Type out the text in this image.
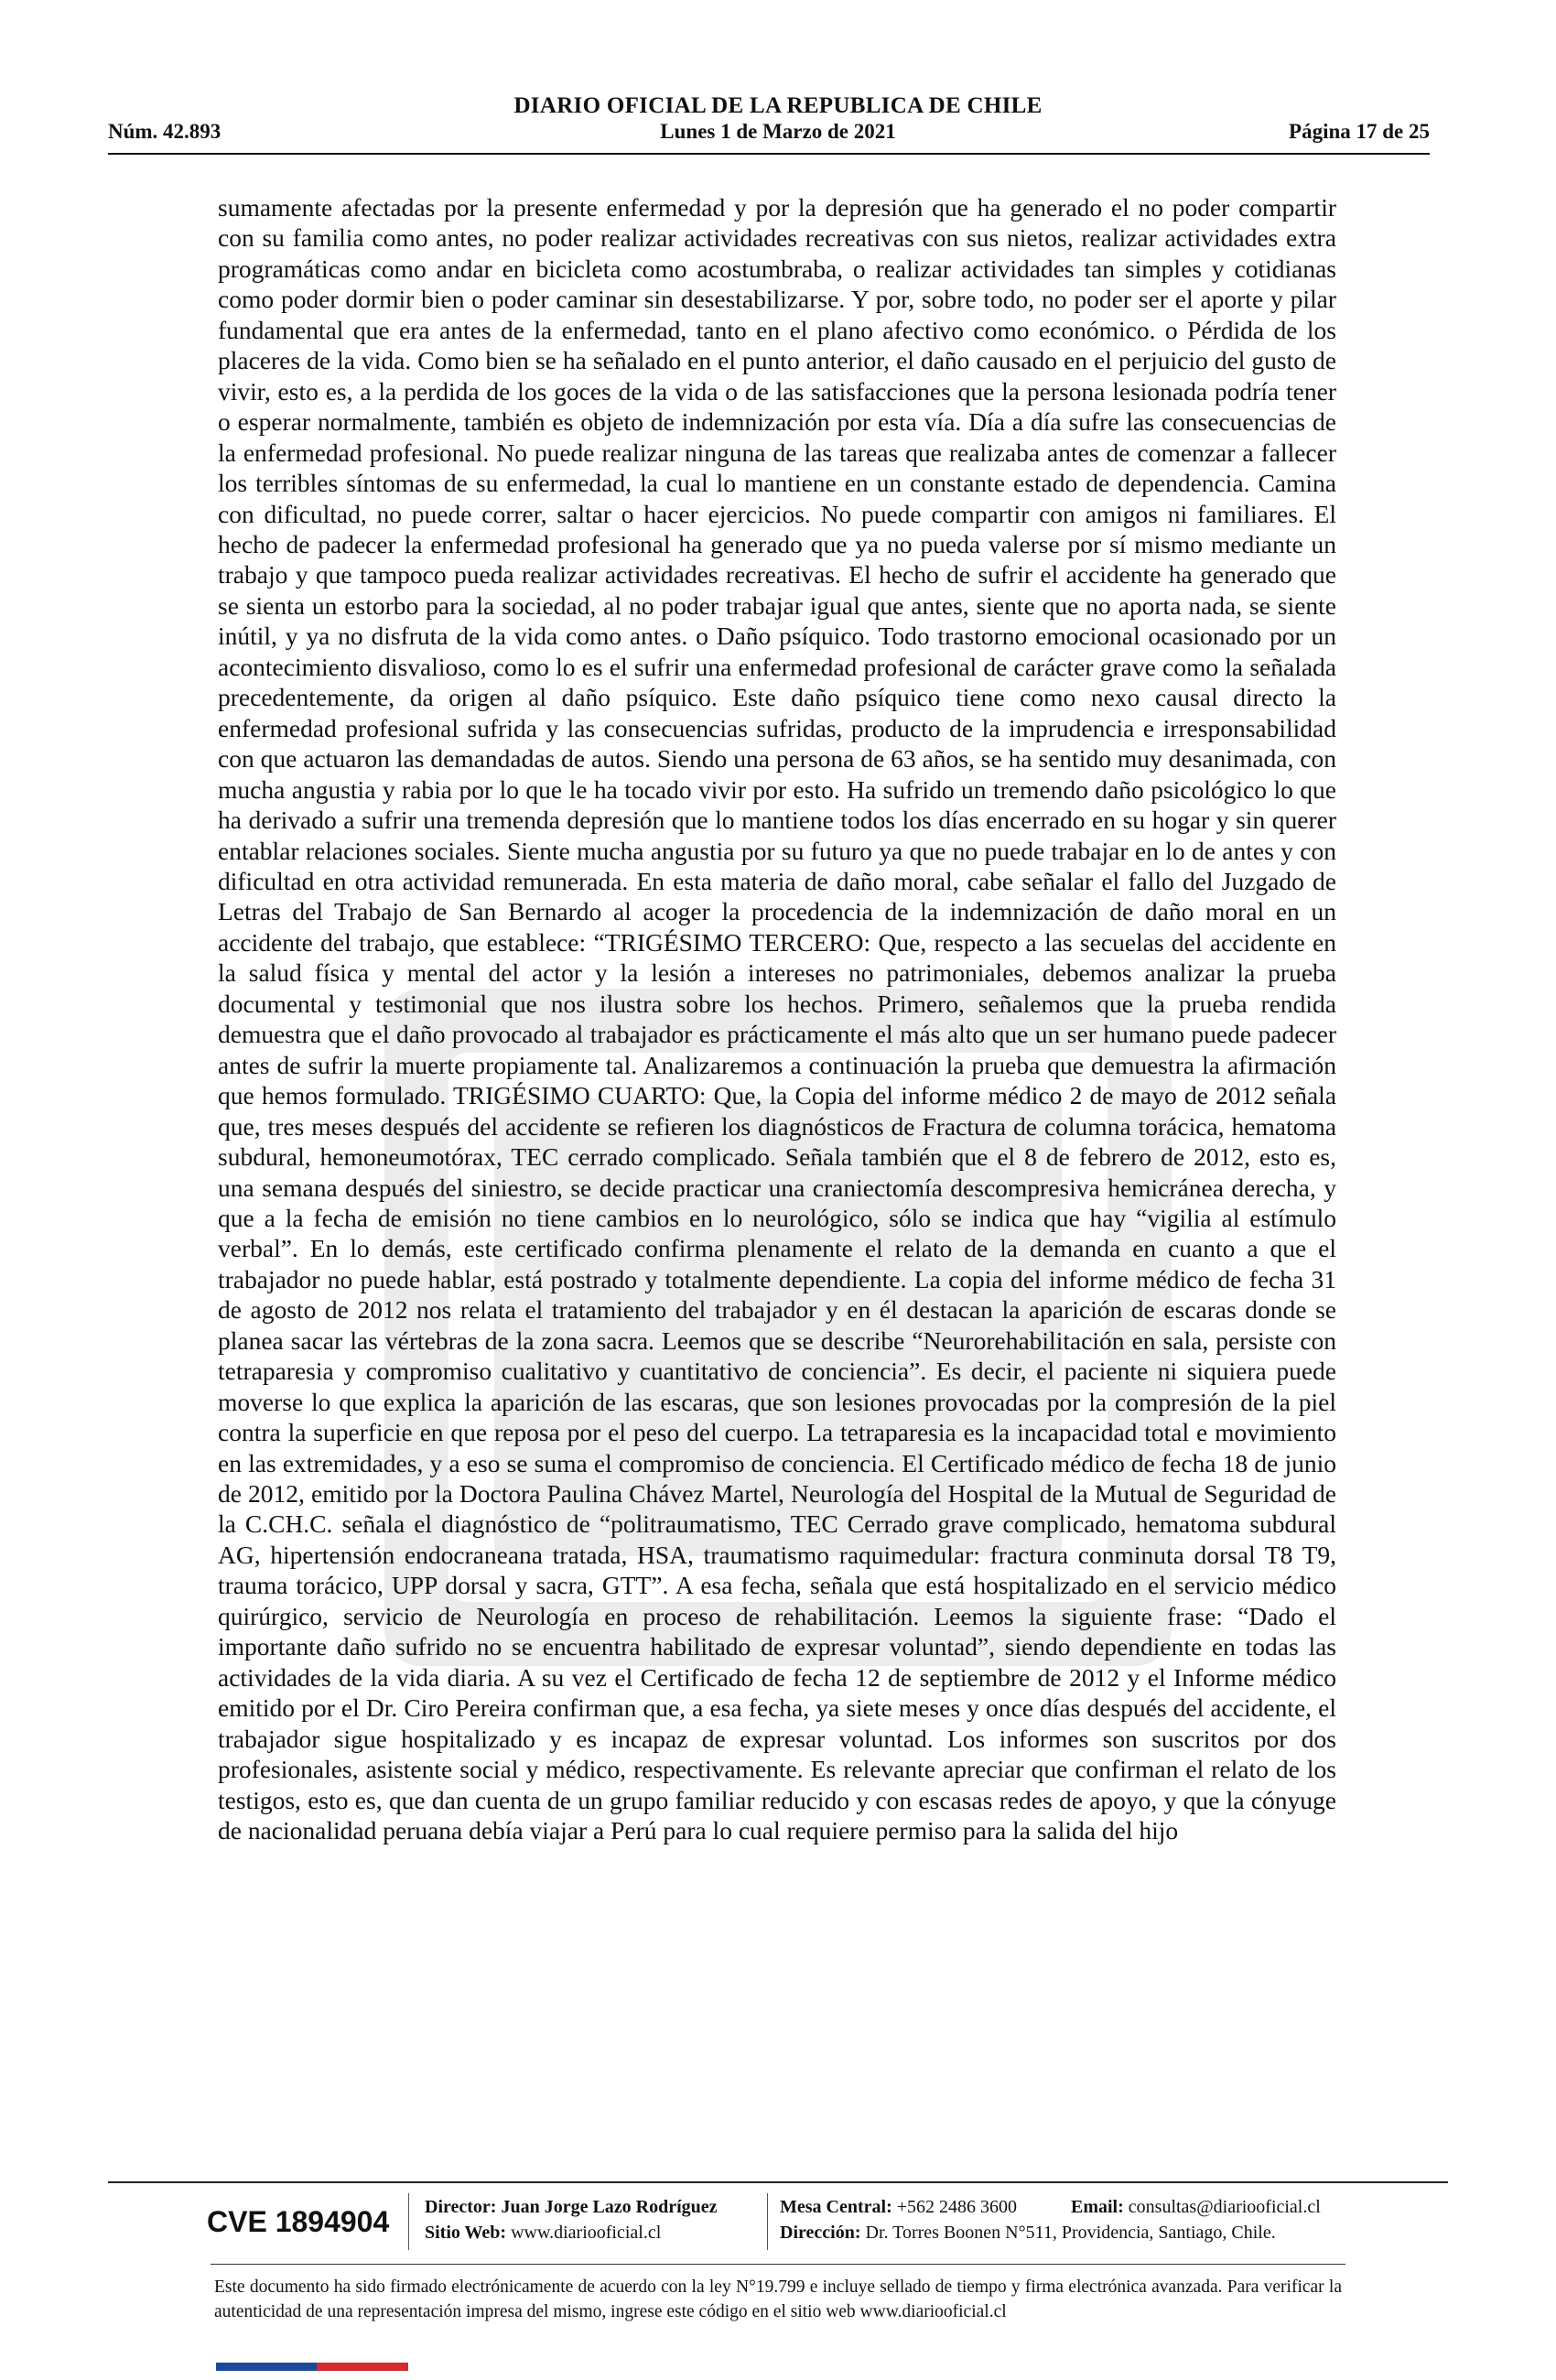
DIARIO OFICIAL DE LA REPUBLICA DE CHILE
Núm. 42.893	Lunes 1 de Marzo de 2021	Página 17 de 25

sumamente afectadas por la presente enfermedad y por la depresión que ha generado el no poder compartir con su familia como antes, no poder realizar actividades recreativas con sus nietos, realizar actividades extra programáticas como andar en bicicleta como acostumbraba, o realizar actividades tan simples y cotidianas como poder dormir bien o poder caminar sin desestabilizarse. Y por, sobre todo, no poder ser el aporte y pilar fundamental que era antes de la enfermedad, tanto en el plano afectivo como económico. o Pérdida de los placeres de la vida. Como bien se ha señalado en el punto anterior, el daño causado en el perjuicio del gusto de vivir, esto es, a la perdida de los goces de la vida o de las satisfacciones que la persona lesionada podría tener o esperar normalmente, también es objeto de indemnización por esta vía. Día a día sufre las consecuencias de la enfermedad profesional. No puede realizar ninguna de las tareas que realizaba antes de comenzar a fallecer los terribles síntomas de su enfermedad, la cual lo mantiene en un constante estado de dependencia. Camina con dificultad, no puede correr, saltar o hacer ejercicios. No puede compartir con amigos ni familiares. El hecho de padecer la enfermedad profesional ha generado que ya no pueda valerse por sí mismo mediante un trabajo y que tampoco pueda realizar actividades recreativas. El hecho de sufrir el accidente ha generado que se sienta un estorbo para la sociedad, al no poder trabajar igual que antes, siente que no aporta nada, se siente inútil, y ya no disfruta de la vida como antes. o Daño psíquico. Todo trastorno emocional ocasionado por un acontecimiento disvalioso, como lo es el sufrir una enfermedad profesional de carácter grave como la señalada precedentemente, da origen al daño psíquico. Este daño psíquico tiene como nexo causal directo la enfermedad profesional sufrida y las consecuencias sufridas, producto de la imprudencia e irresponsabilidad con que actuaron las demandadas de autos. Siendo una persona de 63 años, se ha sentido muy desanimada, con mucha angustia y rabia por lo que le ha tocado vivir por esto. Ha sufrido un tremendo daño psicológico lo que ha derivado a sufrir una tremenda depresión que lo mantiene todos los días encerrado en su hogar y sin querer entablar relaciones sociales. Siente mucha angustia por su futuro ya que no puede trabajar en lo de antes y con dificultad en otra actividad remunerada. En esta materia de daño moral, cabe señalar el fallo del Juzgado de Letras del Trabajo de San Bernardo al acoger la procedencia de la indemnización de daño moral en un accidente del trabajo, que establece: “TRIGÉSIMO TERCERO: Que, respecto a las secuelas del accidente en la salud física y mental del actor y la lesión a intereses no patrimoniales, debemos analizar la prueba documental y testimonial que nos ilustra sobre los hechos. Primero, señalemos que la prueba rendida demuestra que el daño provocado al trabajador es prácticamente el más alto que un ser humano puede padecer antes de sufrir la muerte propiamente tal. Analizaremos a continuación la prueba que demuestra la afirmación que hemos formulado. TRIGÉSIMO CUARTO: Que, la Copia del informe médico 2 de mayo de 2012 señala que, tres meses después del accidente se refieren los diagnósticos de Fractura de columna torácica, hematoma subdural, hemoneumotórax, TEC cerrado complicado. Señala también que el 8 de febrero de 2012, esto es, una semana después del siniestro, se decide practicar una craniectomía descompresiva hemicránea derecha, y que a la fecha de emisión no tiene cambios en lo neurológico, sólo se indica que hay “vigilia al estímulo verbal”. En lo demás, este certificado confirma plenamente el relato de la demanda en cuanto a que el trabajador no puede hablar, está postrado y totalmente dependiente. La copia del informe médico de fecha 31 de agosto de 2012 nos relata el tratamiento del trabajador y en él destacan la aparición de escaras donde se planea sacar las vértebras de la zona sacra. Leemos que se describe “Neurorehabilitación en sala, persiste con tetraparesia y compromiso cualitativo y cuantitativo de conciencia”. Es decir, el paciente ni siquiera puede moverse lo que explica la aparición de las escaras, que son lesiones provocadas por la compresión de la piel contra la superficie en que reposa por el peso del cuerpo. La tetraparesia es la incapacidad total e movimiento en las extremidades, y a eso se suma el compromiso de conciencia. El Certificado médico de fecha 18 de junio de 2012, emitido por la Doctora Paulina Chávez Martel, Neurología del Hospital de la Mutual de Seguridad de la C.CH.C. señala el diagnóstico de “politraumatismo, TEC Cerrado grave complicado, hematoma subdural AG, hipertensión endocraneana tratada, HSA, traumatismo raquimedular: fractura conminuta dorsal T8 T9, trauma torácico, UPP dorsal y sacra, GTT”. A esa fecha, señala que está hospitalizado en el servicio médico quirúrgico, servicio de Neurología en proceso de rehabilitación. Leemos la siguiente frase: “Dado el importante daño sufrido no se encuentra habilitado de expresar voluntad”, siendo dependiente en todas las actividades de la vida diaria. A su vez el Certificado de fecha 12 de septiembre de 2012 y el Informe médico emitido por el Dr. Ciro Pereira confirman que, a esa fecha, ya siete meses y once días después del accidente, el trabajador sigue hospitalizado y es incapaz de expresar voluntad. Los informes son suscritos por dos profesionales, asistente social y médico, respectivamente. Es relevante apreciar que confirman el relato de los testigos, esto es, que dan cuenta de un grupo familiar reducido y con escasas redes de apoyo, y que la cónyuge de nacionalidad peruana debía viajar a Perú para lo cual requiere permiso para la salida del hijo

CVE 1894904 Director: Juan Jorge Lazo Rodríguez
Sitio Web: www.diariooficial.cl
Mesa Central: +562 2486 3600
Dirección: Dr. Torres Boonen N°511, Providencia, Santiago, Chile.
Email: consultas@diariooficial.cl

Este documento ha sido firmado electrónicamente de acuerdo con la ley N°19.799 e incluye sellado de tiempo y firma electrónica avanzada. Para verificar la autenticidad de una representación impresa del mismo, ingrese este código en el sitio web www.diariooficial.cl
